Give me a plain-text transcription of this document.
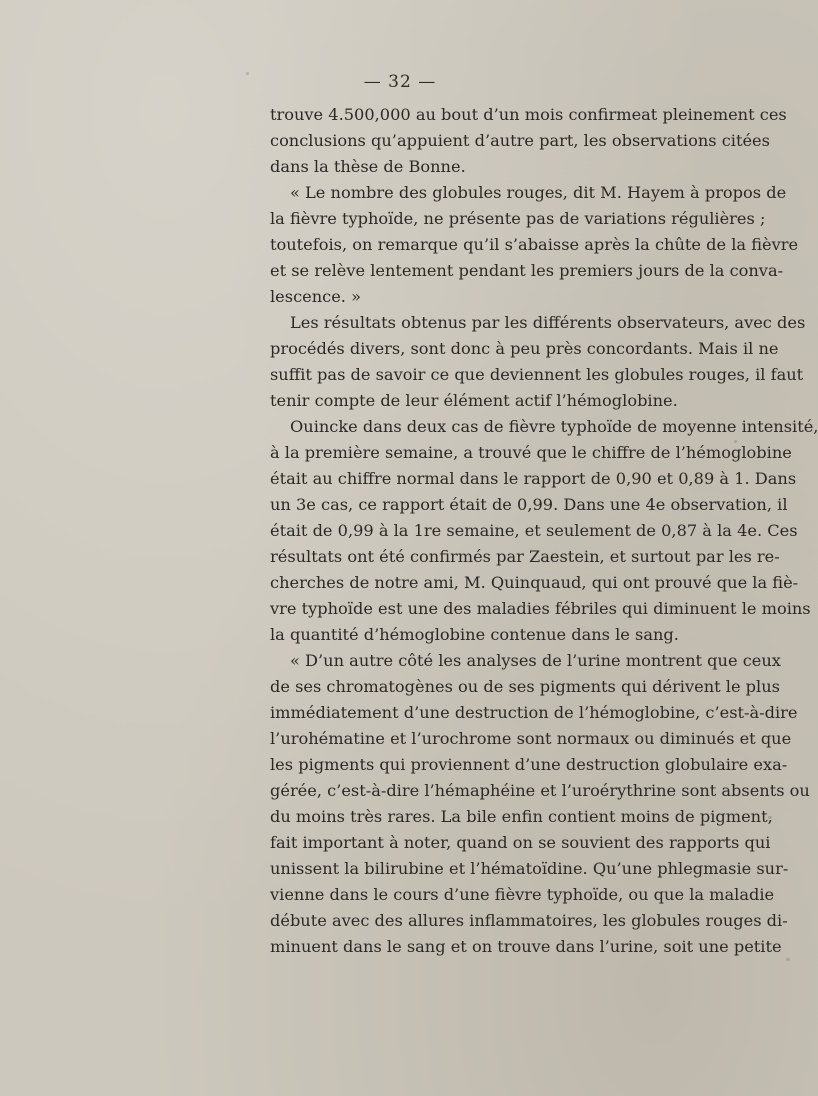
— 32 —
trouve 4.500,000 au bout d’un mois confirmeat pleinement ces
conclusions qu’appuient d’autre part, les observations citées
dans la thèse de Bonne.
« Le nombre des globules rouges, dit M. Hayem à propos de
la fièvre typhoïde, ne présente pas de variations régulières ;
toutefois, on remarque qu’il s’abaisse après la chûte de la fièvre
et se relève lentement pendant les premiers jours de la conva-
lescence. »
Les résultats obtenus par les différents observateurs, avec des
procédés divers, sont donc à peu près concordants. Mais il ne
suffit pas de savoir ce que deviennent les globules rouges, il faut
tenir compte de leur élément actif l’hémoglobine.
Ouincke dans deux cas de fièvre typhoïde de moyenne intensité,
à la première semaine, a trouvé que le chiffre de l’hémoglobine
était au chiffre normal dans le rapport de 0,90 et 0,89 à 1. Dans
un 3e cas, ce rapport était de 0,99. Dans une 4e observation, il
était de 0,99 à la 1re semaine, et seulement de 0,87 à la 4e. Ces
résultats ont été confirmés par Zaestein, et surtout par les re-
cherches de notre ami, M. Quinquaud, qui ont prouvé que la fiè-
vre typhoïde est une des maladies fébriles qui diminuent le moins
la quantité d’hémoglobine contenue dans le sang.
« D’un autre côté les analyses de l’urine montrent que ceux
de ses chromatogènes ou de ses pigments qui dérivent le plus
immédiatement d’une destruction de l’hémoglobine, c’est-à-dire
l’urohématine et l’urochrome sont normaux ou diminués et que
les pigments qui proviennent d’une destruction globulaire exa-
gérée, c’est-à-dire l’hémaphéine et l’uroérythrine sont absents ou
du moins très rares. La bile enfin contient moins de pigment,
fait important à noter, quand on se souvient des rapports qui
unissent la bilirubine et l’hématoïdine. Qu’une phlegmasie sur-
vienne dans le cours d’une fièvre typhoïde, ou que la maladie
débute avec des allures inflammatoires, les globules rouges di-
minuent dans le sang et on trouve dans l’urine, soit une petite
